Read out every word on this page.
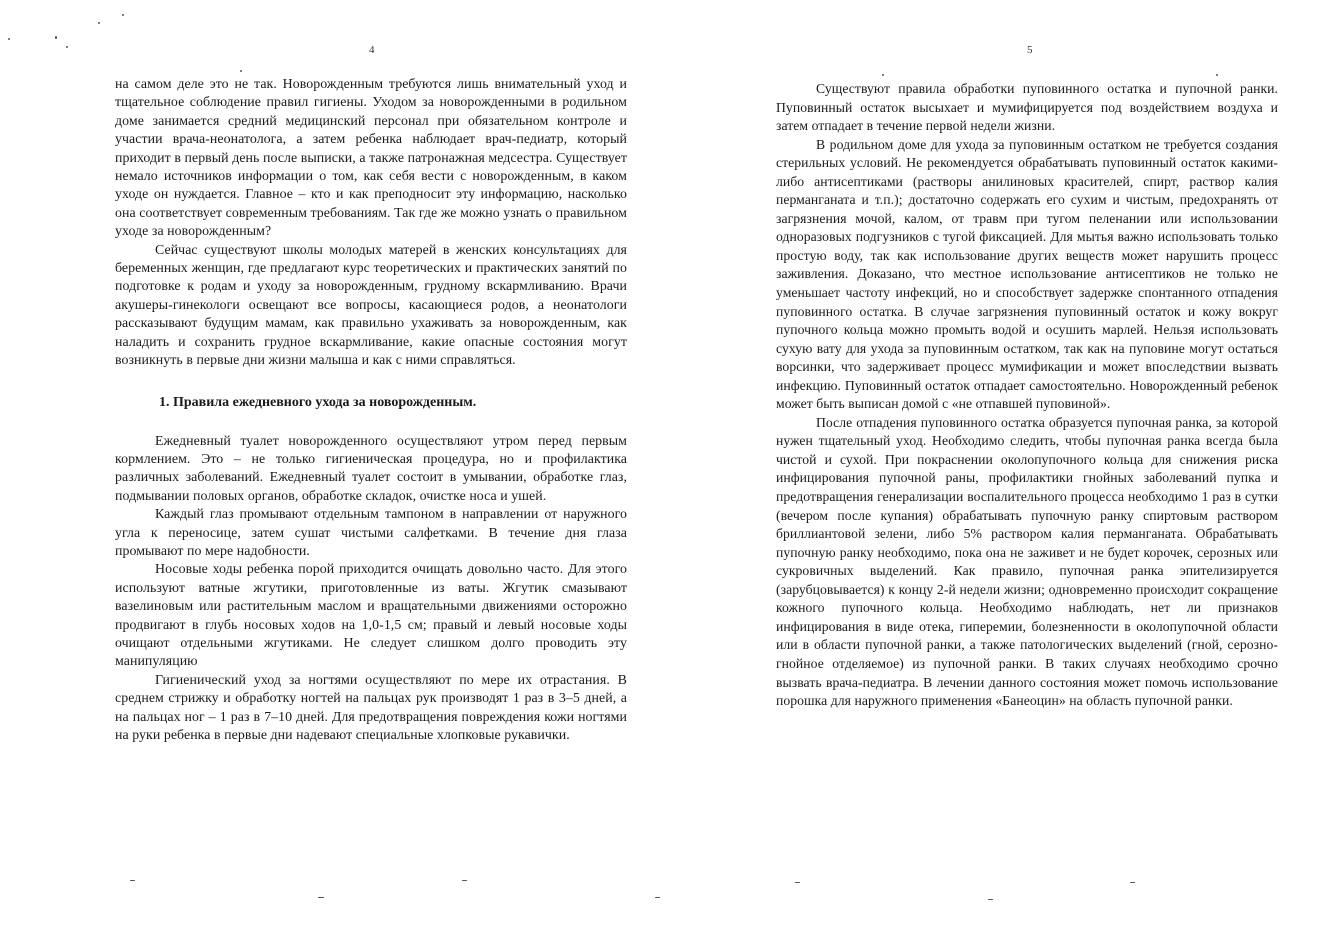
4

на самом деле это не так. Новорожденным требуются лишь внимательный уход и тщательное соблюдение правил гигиены. Уходом за новорожденными в родильном доме занимается средний медицинский персонал при обязательном контроле и участии врача-неонатолога, а затем ребенка наблюдает врач-педиатр, который приходит в первый день после выписки, а также патронажная медсестра. Существует немало источников информации о том, как себя вести с новорожденным, в каком уходе он нуждается. Главное – кто и как преподносит эту информацию, насколько она соответствует современным требованиям. Так где же можно узнать о правильном уходе за новорожденным?

Сейчас существуют школы молодых матерей в женских консультациях для беременных женщин, где предлагают курс теоретических и практических занятий по подготовке к родам и уходу за новорожденным, грудному вскармливанию. Врачи акушеры-гинекологи освещают все вопросы, касающиеся родов, а неонатологи рассказывают будущим мамам, как правильно ухаживать за новорожденным, как наладить и сохранить грудное вскармливание, какие опасные состояния могут возникнуть в первые дни жизни малыша и как с ними справляться.

1. Правила ежедневного ухода за новорожденным.

Ежедневный туалет новорожденного осуществляют утром перед первым кормлением. Это – не только гигиеническая процедура, но и профилактика различных заболеваний. Ежедневный туалет состоит в умывании, обработке глаз, подмывании половых органов, обработке складок, очистке носа и ушей.

Каждый глаз промывают отдельным тампоном в направлении от наружного угла к переносице, затем сушат чистыми салфетками. В течение дня глаза промывают по мере надобности.

Носовые ходы ребенка порой приходится очищать довольно часто. Для этого используют ватные жгутики, приготовленные из ваты. Жгутик смазывают вазелиновым или растительным маслом и вращательными движениями осторожно продвигают в глубь носовых ходов на 1,0-1,5 см; правый и левый носовые ходы очищают отдельными жгутиками. Не следует слишком долго проводить эту манипуляцию

Гигиенический уход за ногтями осуществляют по мере их отрастания. В среднем стрижку и обработку ногтей на пальцах рук производят 1 раз в 3–5 дней, а на пальцах ног – 1 раз в 7–10 дней. Для предотвращения повреждения кожи ногтями на руки ребенка в первые дни надевают специальные хлопковые рукавички.

5

Существуют правила обработки пуповинного остатка и пупочной ранки. Пуповинный остаток высыхает и мумифицируется под воздействием воздуха и затем отпадает в течение первой недели жизни.

В родильном доме для ухода за пуповинным остатком не требуется создания стерильных условий. Не рекомендуется обрабатывать пуповинный остаток какими-либо антисептиками (растворы анилиновых красителей, спирт, раствор калия перманганата и т.п.); достаточно содержать его сухим и чистым, предохранять от загрязнения мочой, калом, от травм при тугом пеленании или использовании одноразовых подгузников с тугой фиксацией. Для мытья важно использовать только простую воду, так как использование других веществ может нарушить процесс заживления. Доказано, что местное использование антисептиков не только не уменьшает частоту инфекций, но и способствует задержке спонтанного отпадения пуповинного остатка. В случае загрязнения пуповинный остаток и кожу вокруг пупочного кольца можно промыть водой и осушить марлей. Нельзя использовать сухую вату для ухода за пуповинным остатком, так как на пуповине могут остаться ворсинки, что задерживает процесс мумификации и может впоследствии вызвать инфекцию. Пуповинный остаток отпадает самостоятельно. Новорожденный ребенок может быть выписан домой с «не отпавшей пуповиной».

После отпадения пуповинного остатка образуется пупочная ранка, за которой нужен тщательный уход. Необходимо следить, чтобы пупочная ранка всегда была чистой и сухой. При покраснении околопупочного кольца для снижения риска инфицирования пупочной раны, профилактики гнойных заболеваний пупка и предотвращения генерализации воспалительного процесса необходимо 1 раз в сутки (вечером после купания) обрабатывать пупочную ранку спиртовым раствором бриллиантовой зелени, либо 5% раствором калия перманганата. Обрабатывать пупочную ранку необходимо, пока она не заживет и не будет корочек, серозных или сукровичных выделений. Как правило, пупочная ранка эпителизируется (зарубцовывается) к концу 2-й недели жизни; одновременно происходит сокращение кожного пупочного кольца. Необходимо наблюдать, нет ли признаков инфицирования в виде отека, гиперемии, болезненности в околопупочной области или в области пупочной ранки, а также патологических выделений (гной, серозно-гнойное отделяемое) из пупочной ранки. В таких случаях необходимо срочно вызвать врача-педиатра. В лечении данного состояния может помочь использование порошка для наружного применения «Банеоцин» на область пупочной ранки.
